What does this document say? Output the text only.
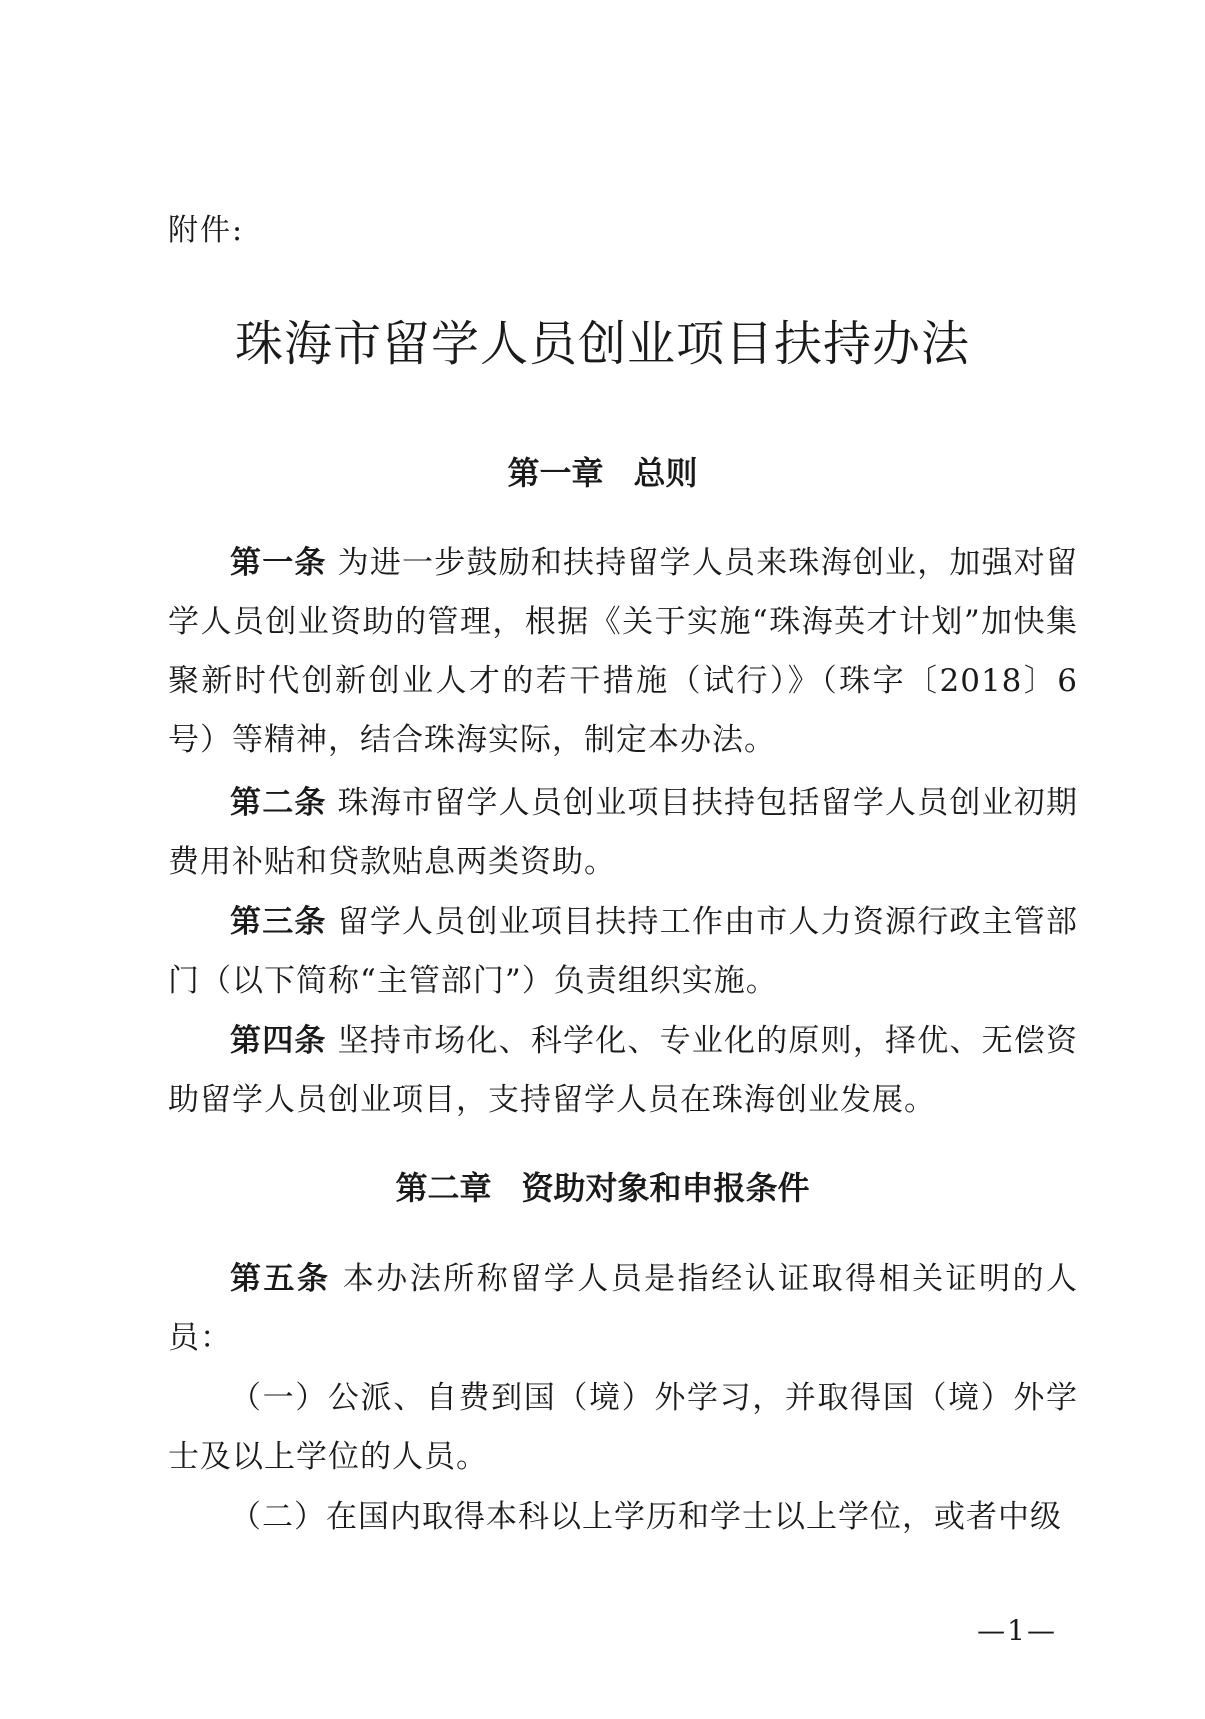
附件:
珠海市留学人员创业项目扶持办法
第一章 总则

第一条 为进一步鼓励和扶持留学人员来珠海创业，加强对留学人员创业资助的管理，根据《关于实施“珠海英才计划”加快集聚新时代创新创业人才的若干措施（试行）》（珠字〔2018〕6号）等精神，结合珠海实际，制定本办法。

第二条 珠海市留学人员创业项目扶持包括留学人员创业初期费用补贴和贷款贴息两类资助。

第三条 留学人员创业项目扶持工作由市人力资源行政主管部门（以下简称“主管部门”）负责组织实施。

第四条 坚持市场化、科学化、专业化的原则，择优、无偿资助留学人员创业项目，支持留学人员在珠海创业发展。

第二章 资助对象和申报条件

第五条 本办法所称留学人员是指经认证取得相关证明的人员：

（一）公派、自费到国（境）外学习，并取得国（境）外学士及以上学位的人员。

（二）在国内取得本科以上学历和学士以上学位，或者中级

—1—
